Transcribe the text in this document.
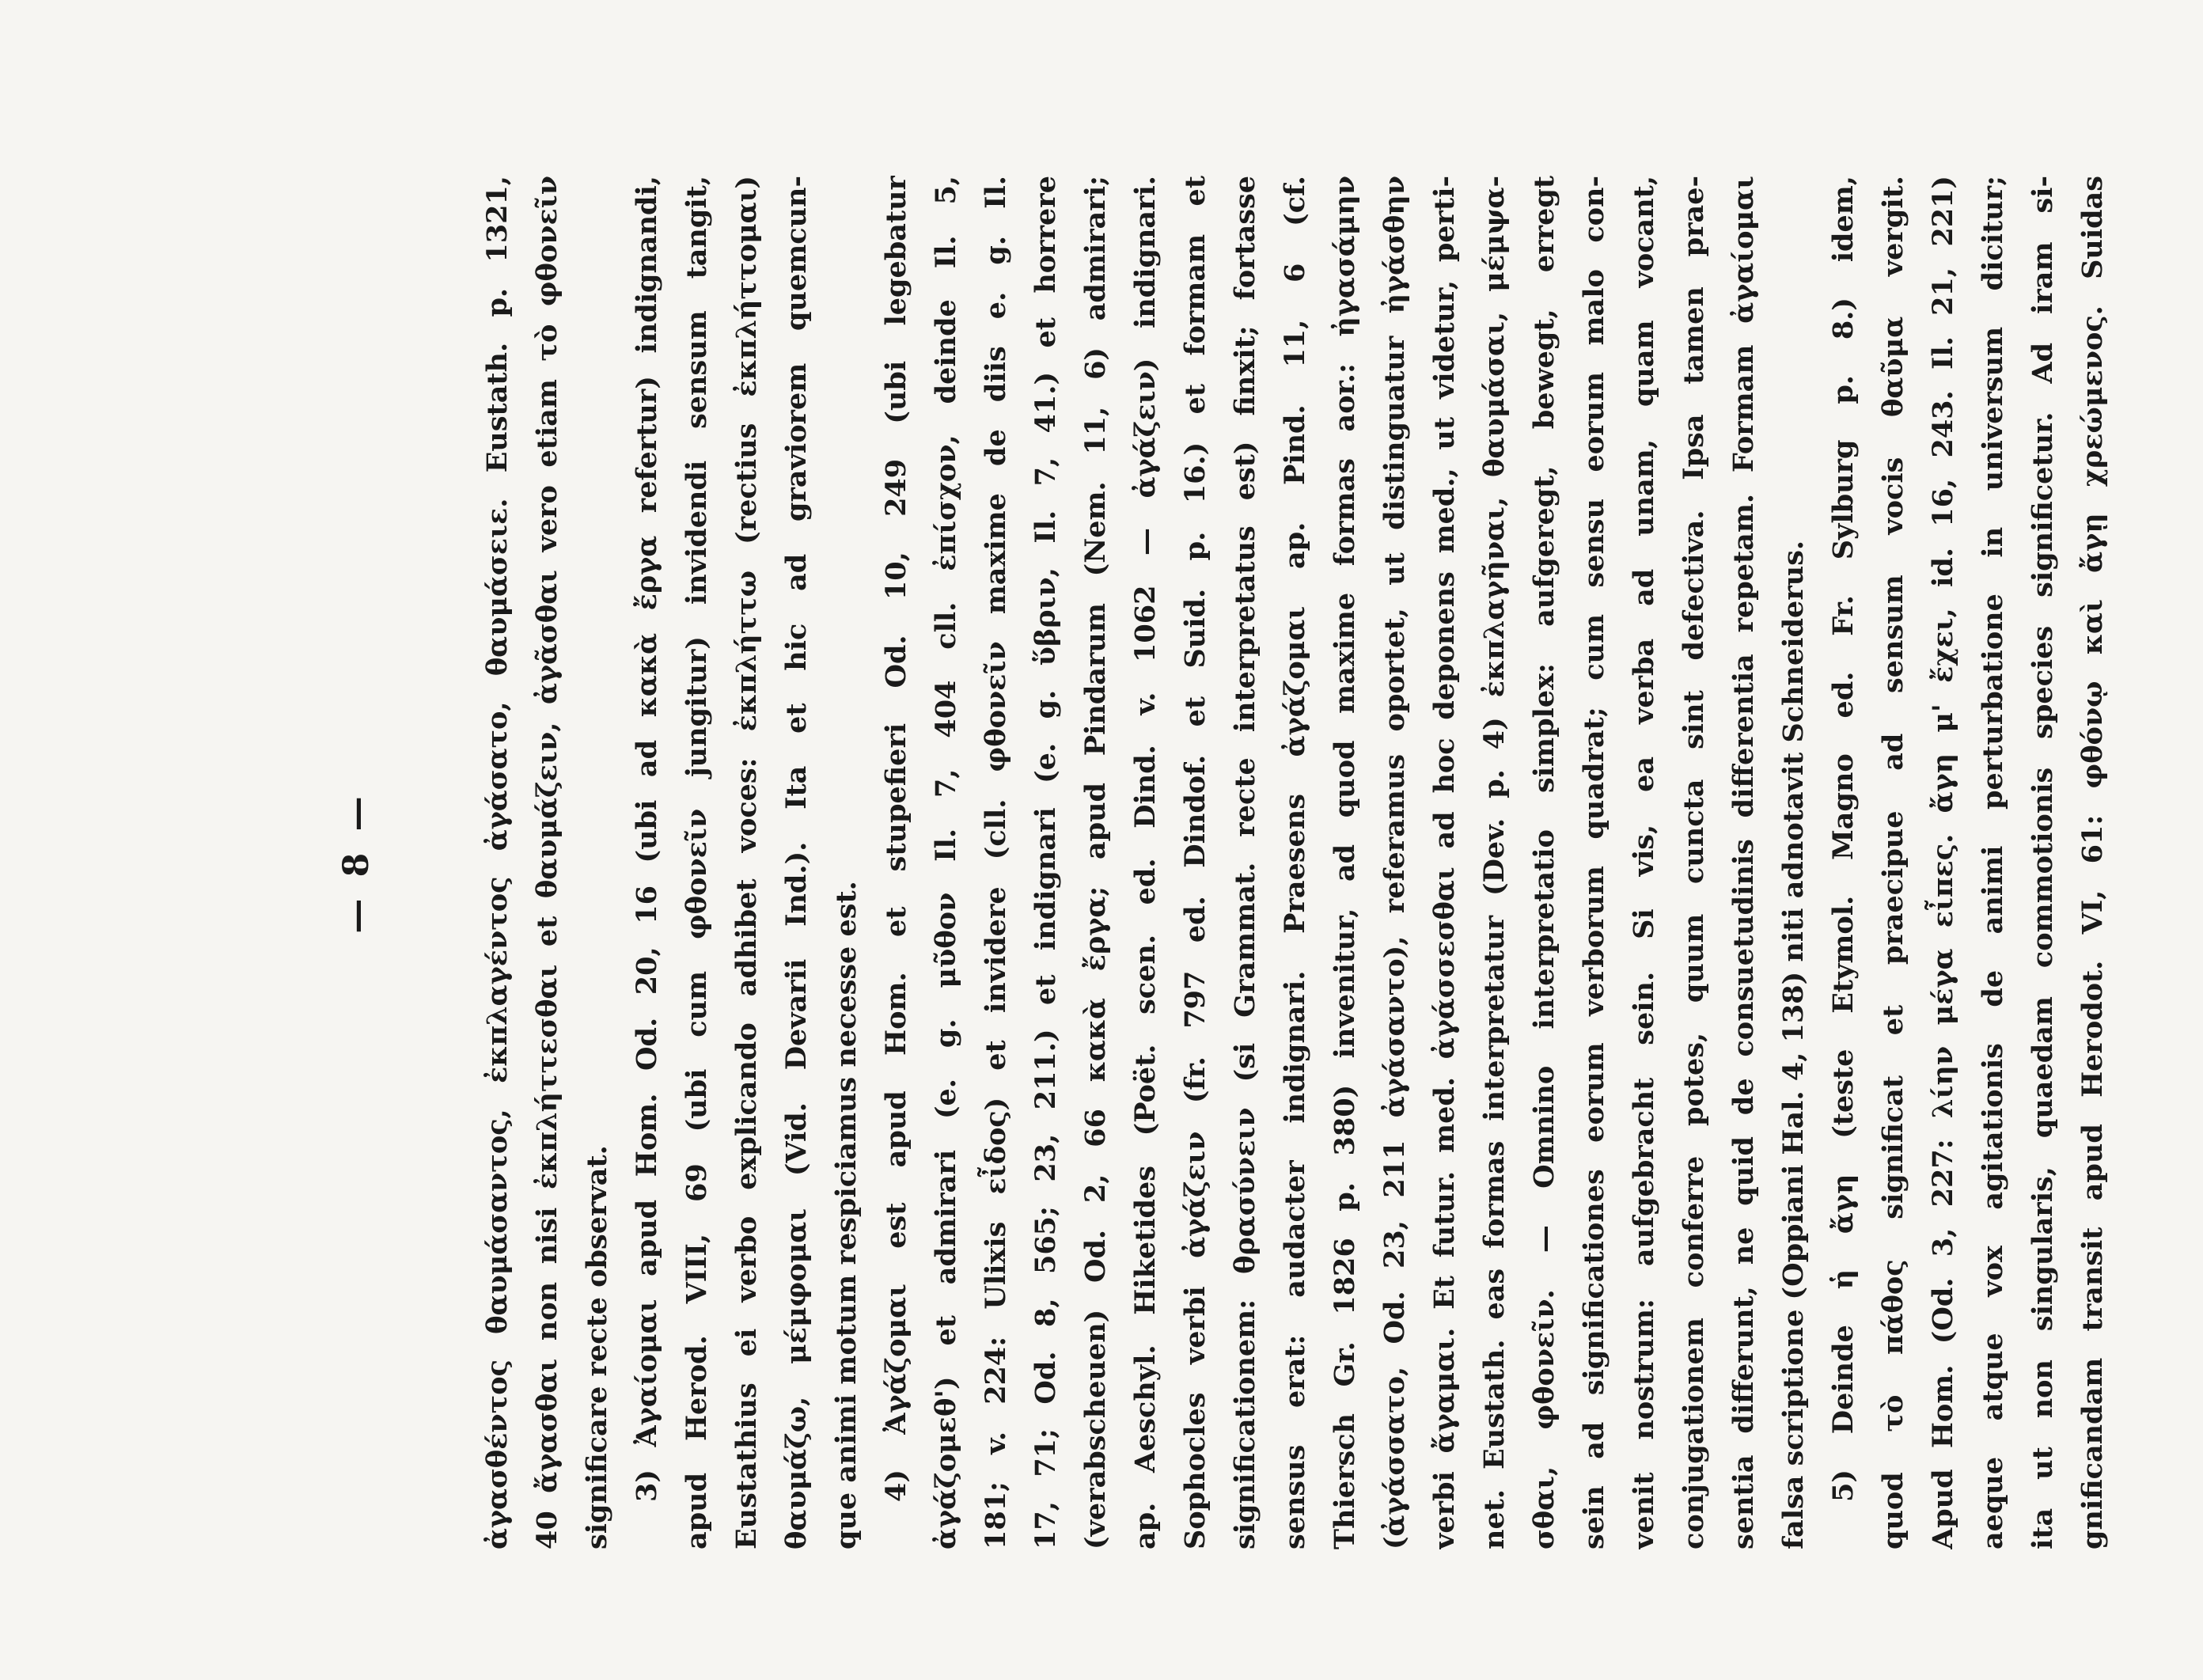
— 8 —	ἀγασθέντος θαυμάσαντος, ἐκπλαγέντος ἀγάσατο, θαυμάσειε. Eustath. p. 1321, 40 ἄγασθαι non nisi ἐκπλήττεσθαι et θαυμάζειν, ἀγᾶσθαι vero etiam τὸ φθονεῖν significare recte observat. 3) Ἀγαίομαι apud Hom. Od. 20, 16 (ubi ad κακὰ ἔργα refertur) indignandi, apud Herod. VIII, 69 (ubi cum φθονεῖν jungitur) invidendi sensum tangit, Eustathius ei verbo explicando adhibet voces: ἐκπλήττω (rectius ἐκπλήττομαι) θαυμάζω, μέμφομαι (Vid. Devarii Ind.). Ita et hic ad graviorem quemcun- que animi motum respiciamus necesse est. 4) Ἀγάζομαι est apud Hom. et stupefieri Od. 10, 249 (ubi legebatur ἀγάζομεθ') et admirari (e. g. μῦθον Il. 7, 404 cll. ἐπίσχον, deinde Il. 5, 181; v. 224: Ulixis εἶδος) et invidere (cll. φθονεῖν maxime de diis e. g. Il. 17, 71; Od. 8, 565; 23, 211.) et indignari (e. g. ὕβριν, Il. 7, 41.) et horrere (verabscheuen) Od. 2, 66 κακὰ ἔργα; apud Pindarum (Nem. 11, 6) admirari; ap. Aeschyl. Hiketides (Poët. scen. ed. Dind. v. 1062 — ἀγάζειν) indignari. Sophocles verbi ἀγάζειν (fr. 797 ed. Dindof. et Suid. p. 16.) et formam et significationem: θρασύνειν (si Grammat. recte interpretatus est) finxit; fortasse sensus erat: audacter indignari. Praesens ἀγάζομαι ap. Pind. 11, 6 (cf. Thiersch Gr. 1826 p. 380) invenitur, ad quod maxime formas aor.: ἠγασάμην (ἀγάσσατο, Od. 23, 211 ἀγάσαντο), referamus oportet, ut distinguatur ἠγάσθην verbi ἄγαμαι. Et futur. med. ἀγάσσεσθαι ad hoc deponens med., ut videtur, perti- net. Eustath. eas formas interpretatur (Dev. p. 4) ἐκπλαγῆναι, θαυμάσαι, μέμψα- σθαι, φθονεῖν. — Omnino interpretatio simplex: aufgeregt, bewegt, erregt sein ad significationes eorum verborum quadrat; cum sensu eorum malo con- venit nostrum: aufgebracht sein. Si vis, ea verba ad unam, quam vocant, conjugationem conferre potes, quum cuncta sint defectiva. Ipsa tamen prae- sentia differunt, ne quid de consuetudinis differentia repetam. Formam ἀγαίομαι falsa scriptione (Oppiani Hal. 4, 138) niti adnotavit Schneiderus. 5) Deinde ἡ ἄγη (teste Etymol. Magno ed. Fr. Sylburg p. 8.) idem, quod τὸ πάθος significat et praecipue ad sensum vocis θαῦμα vergit. Apud Hom. (Od. 3, 227: λίην μέγα εἶπες. ἄγη μ' ἔχει, id. 16, 243. Il. 21, 221) aeque atque vox agitationis de animi perturbatione in universum dicitur; ita ut non singularis, quaedam commotionis species significetur. Ad iram si- gnificandam transit apud Herodot. VI, 61: φθόνῳ καὶ ἄγῃ χρεώμενος. Suidas
